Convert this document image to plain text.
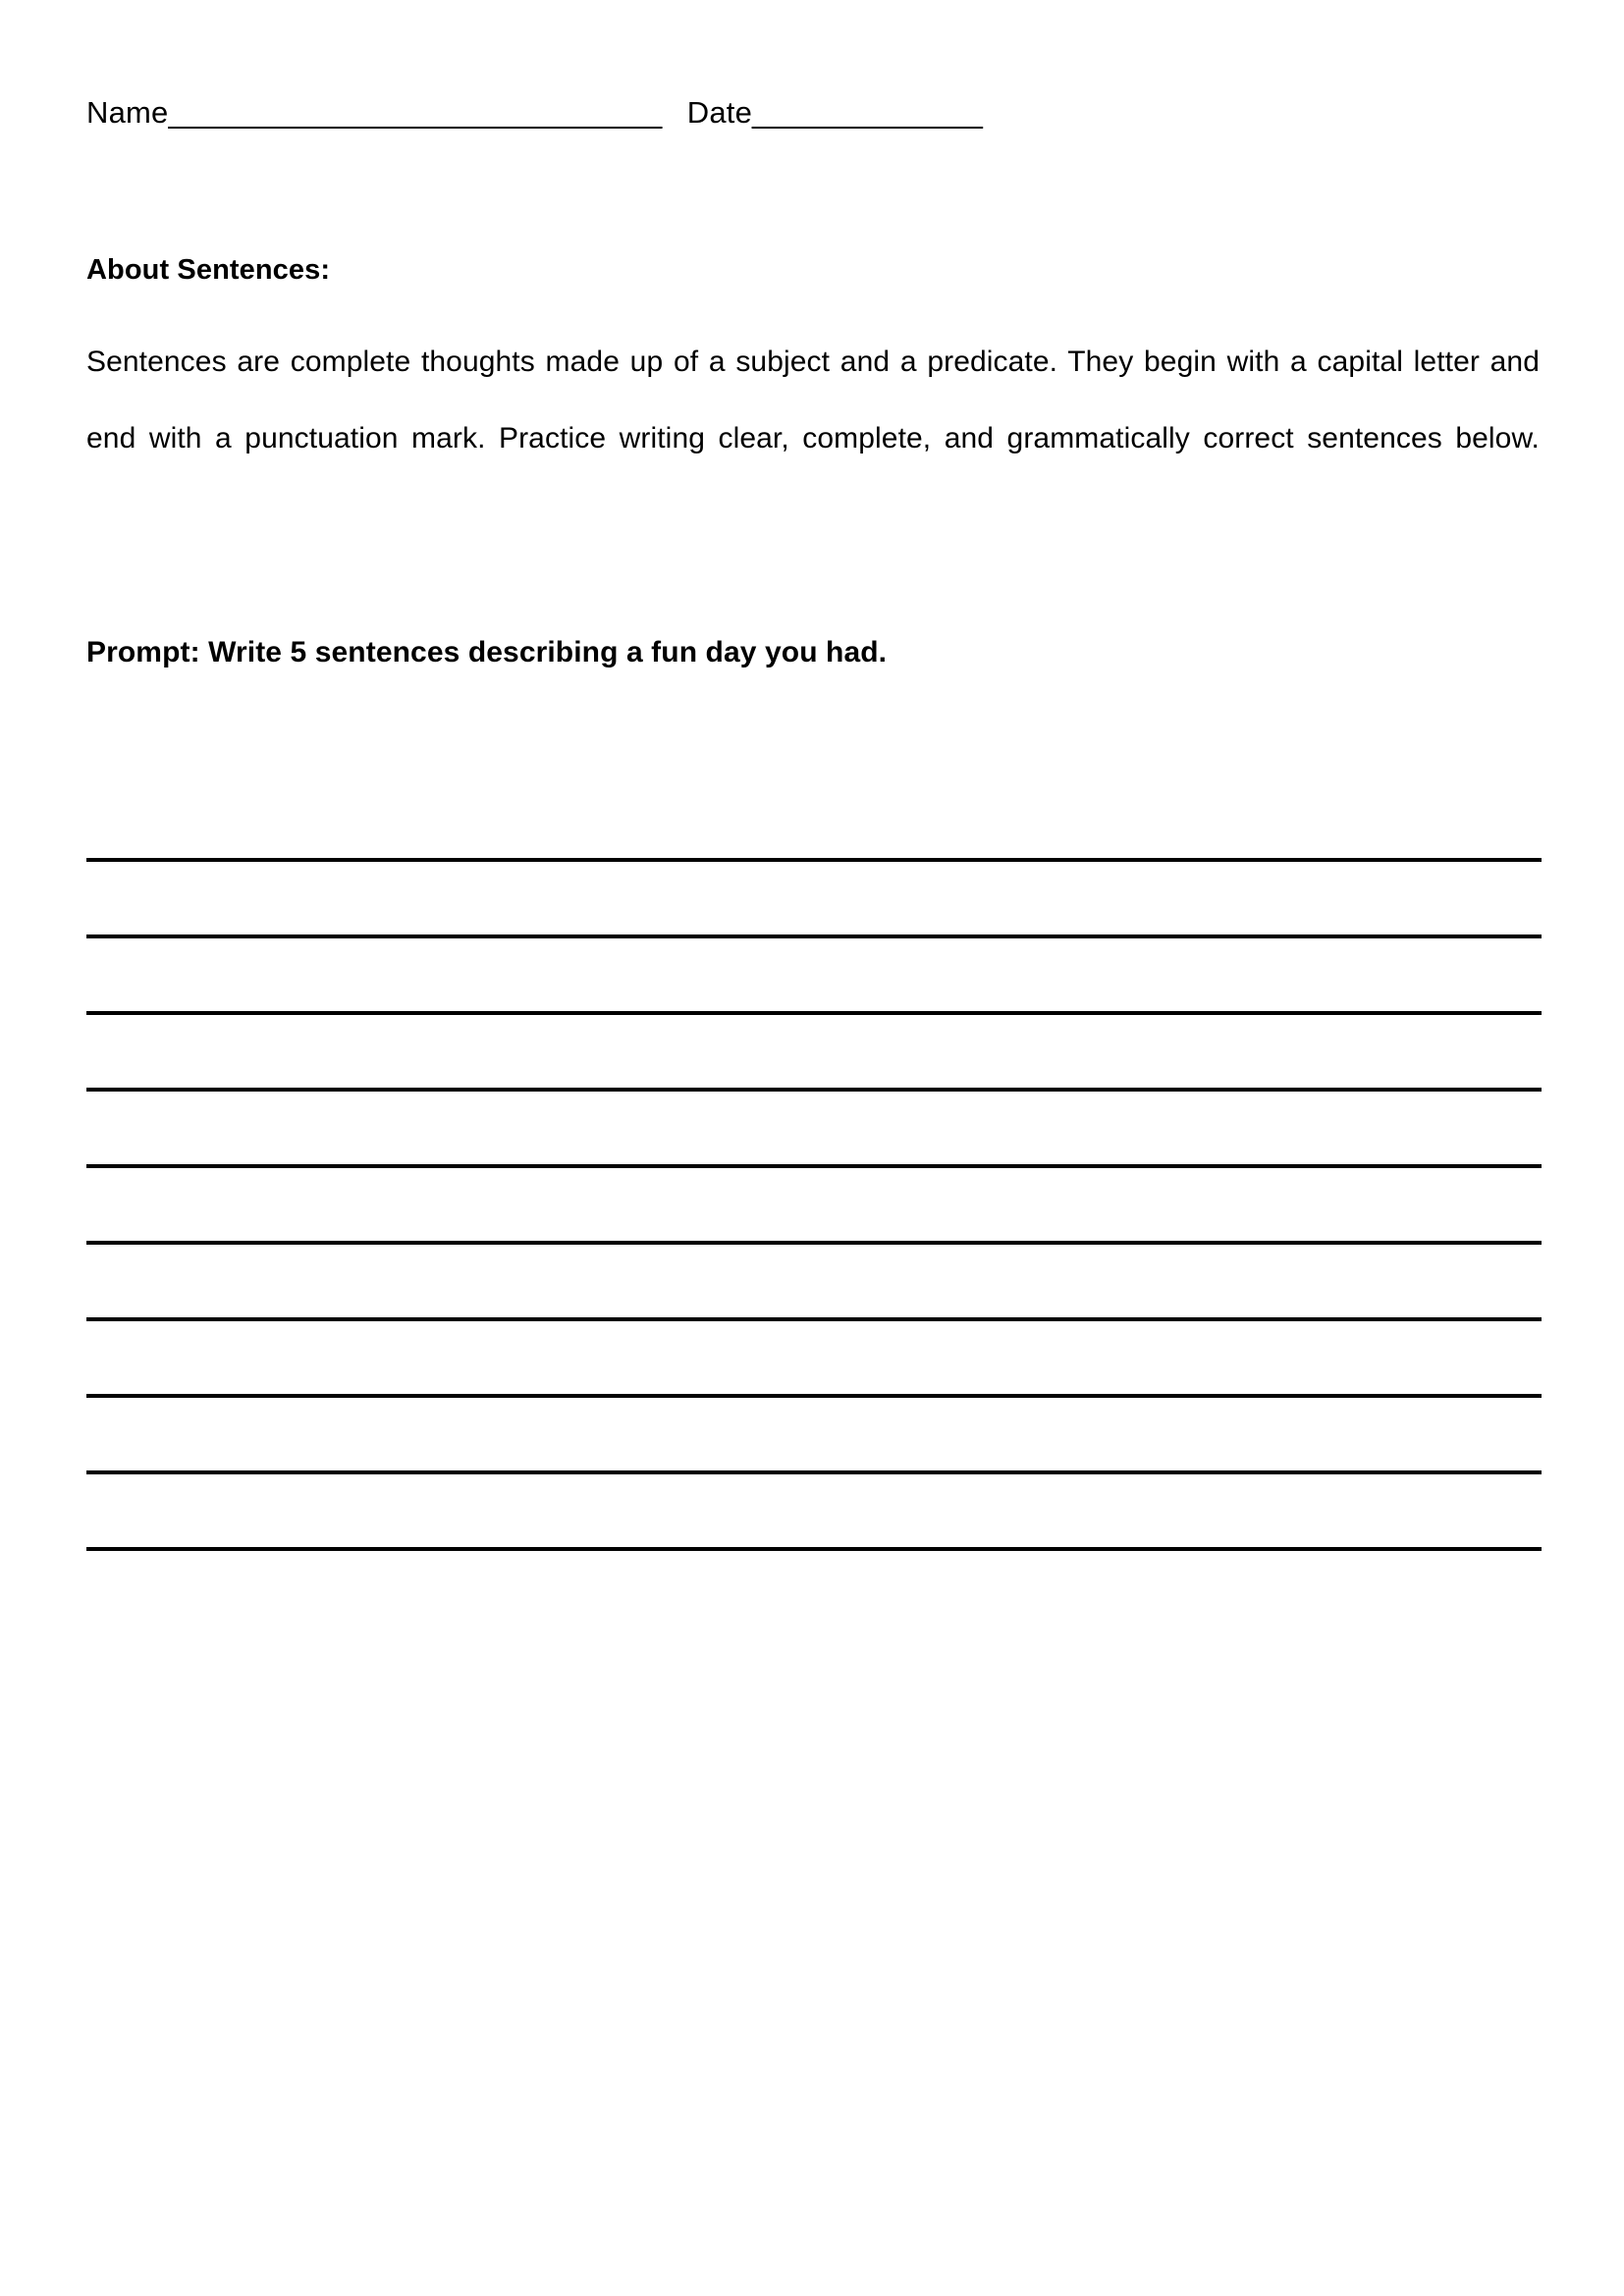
Name______________________________ Date______________
About Sentences:
Sentences are complete thoughts made up of a subject and a predicate. They begin with a capital letter and end with a punctuation mark. Practice writing clear, complete, and grammatically correct sentences below.
Prompt: Write 5 sentences describing a fun day you had.
